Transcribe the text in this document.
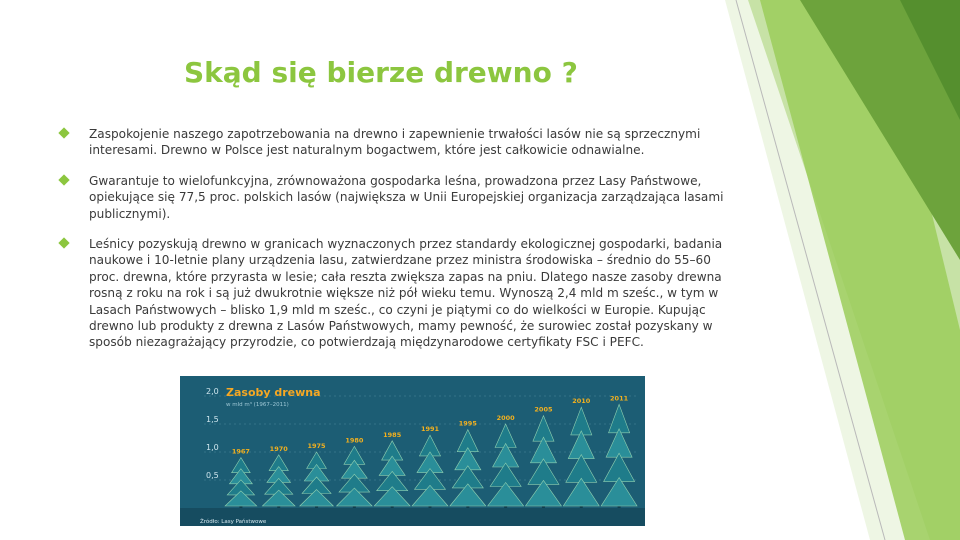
Skąd się bierze drewno ?
Zaspokojenie naszego zapotrzebowania na drewno i zapewnienie trwałości lasów nie są sprzecznymi interesami. Drewno w Polsce jest naturalnym bogactwem, które jest całkowicie odnawialne.
Gwarantuje to wielofunkcyjna, zrównoważona gospodarka leśna, prowadzona przez Lasy Państwowe, opiekujące się 77,5 proc. polskich lasów (największa w Unii Europejskiej organizacja zarządzająca lasami publicznymi).
Leśnicy pozyskują drewno w granicach wyznaczonych przez standardy ekologicznej gospodarki, badania naukowe i 10-letnie plany urządzenia lasu, zatwierdzane przez ministra środowiska – średnio do 55–60 proc. drewna, które przyrasta w lesie; cała reszta zwiększa zapas na pniu. Dlatego nasze zasoby drewna rosną z roku na rok i są już dwukrotnie większe niż pół wieku temu. Wynoszą 2,4 mld m sześc., w tym w Lasach Państwowych – blisko 1,9 mld m sześc., co czyni je piątymi co do wielkości w Europie. Kupując drewno lub produkty z drewna z Lasów Państwowych, mamy pewność, że surowiec został pozyskany w sposób niezagrażający przyrodzie, co potwierdzają międzynarodowe certyfikaty FSC i PEFC.
0,5
1,0
1,5
2,0 Zasoby drewna
w mld m³ (1967–2011)
1967	1970	1975
1980
1985
1991
1995
2000
2005
2010	2011
Źródło: Lasy Państwowe
